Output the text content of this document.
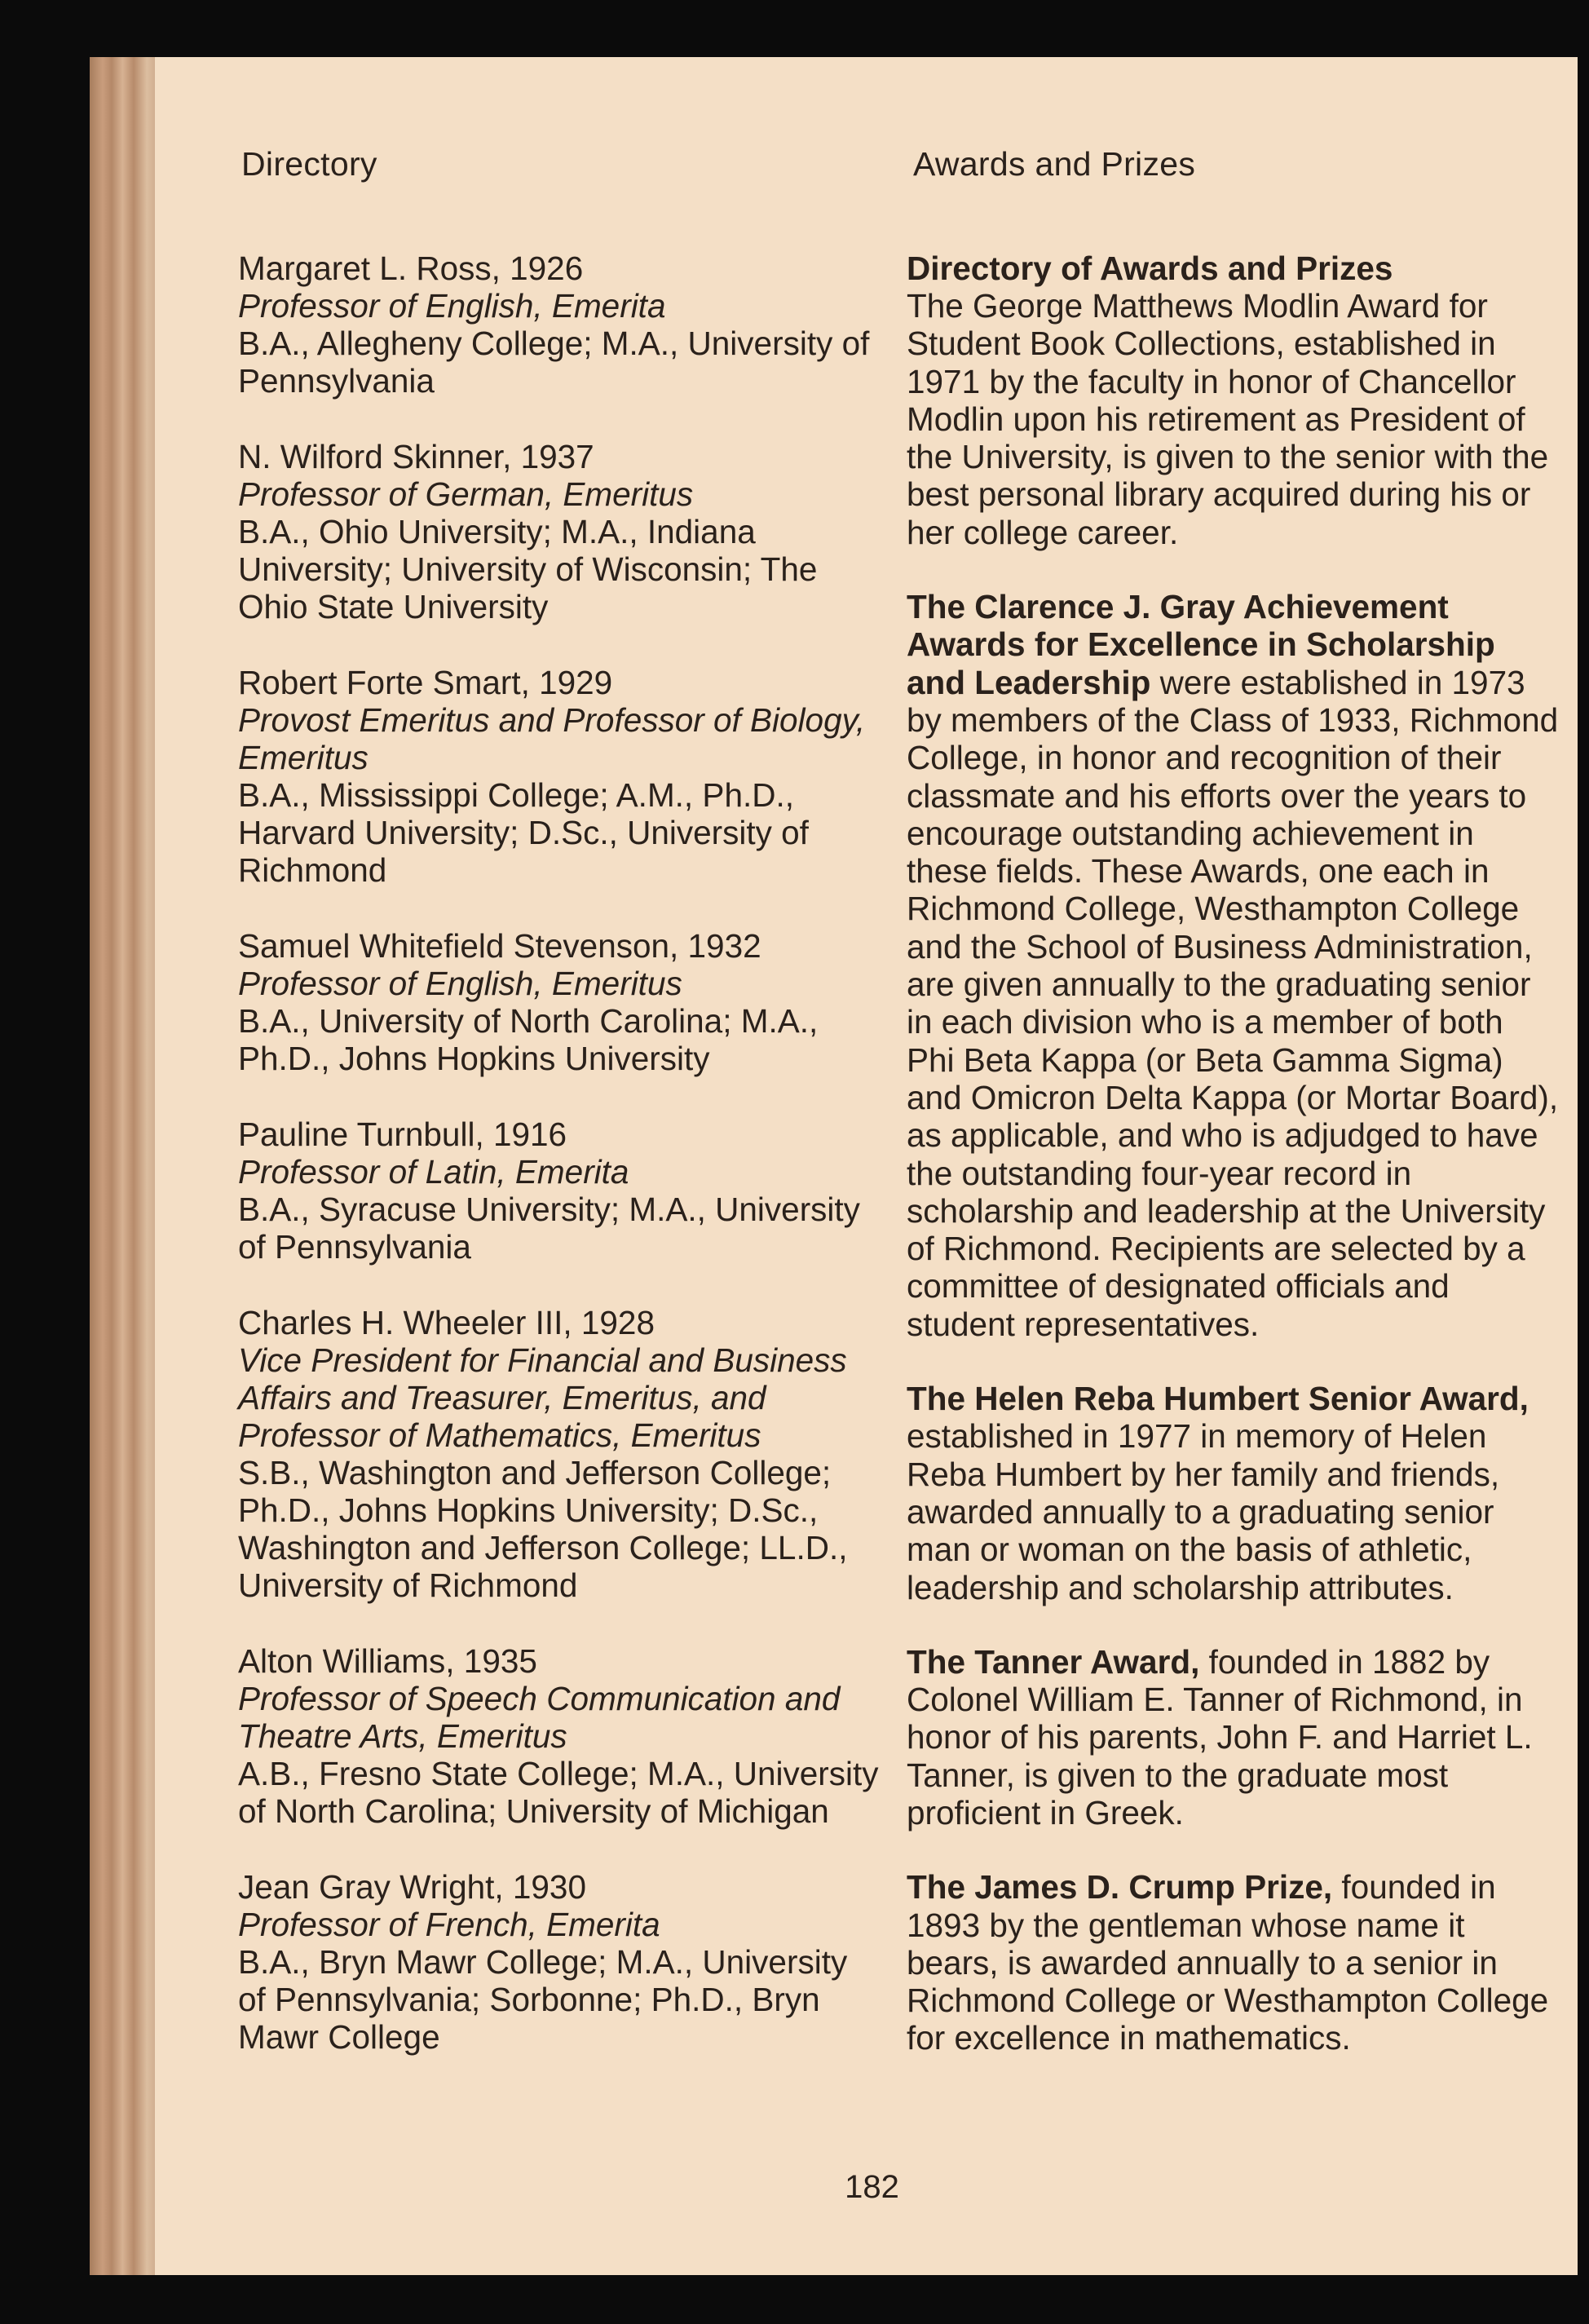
Directory	Awards and Prizes
Margaret L. Ross, 1926
Professor of English, Emerita
B.A., Allegheny College; M.A., University of Pennsylvania
N. Wilford Skinner, 1937
Professor of German, Emeritus
B.A., Ohio University; M.A., Indiana University; University of Wisconsin; The Ohio State University
Robert Forte Smart, 1929
Provost Emeritus and Professor of Biology, Emeritus
B.A., Mississippi College; A.M., Ph.D., Harvard University; D.Sc., University of Richmond
Samuel Whitefield Stevenson, 1932
Professor of English, Emeritus
B.A., University of North Carolina; M.A., Ph.D., Johns Hopkins University
Pauline Turnbull, 1916
Professor of Latin, Emerita
B.A., Syracuse University; M.A., University of Pennsylvania
Charles H. Wheeler III, 1928
Vice President for Financial and Business Affairs and Treasurer, Emeritus, and Professor of Mathematics, Emeritus
S.B., Washington and Jefferson College; Ph.D., Johns Hopkins University; D.Sc., Washington and Jefferson College; LL.D., University of Richmond
Alton Williams, 1935
Professor of Speech Communication and Theatre Arts, Emeritus
A.B., Fresno State College; M.A., University of North Carolina; University of Michigan
Jean Gray Wright, 1930
Professor of French, Emerita
B.A., Bryn Mawr College; M.A., University of Pennsylvania; Sorbonne; Ph.D., Bryn Mawr College
Directory of Awards and Prizes
The George Matthews Modlin Award for Student Book Collections, established in 1971 by the faculty in honor of Chancellor Modlin upon his retirement as President of the University, is given to the senior with the best personal library acquired during his or her college career.
The Clarence J. Gray Achievement Awards for Excellence in Scholarship and Leadership were established in 1973 by members of the Class of 1933, Richmond College, in honor and recognition of their classmate and his efforts over the years to encourage outstanding achievement in these fields. These Awards, one each in Richmond College, Westhampton College and the School of Business Administration, are given annually to the graduating senior in each division who is a member of both Phi Beta Kappa (or Beta Gamma Sigma) and Omicron Delta Kappa (or Mortar Board), as applicable, and who is adjudged to have the outstanding four-year record in scholarship and leadership at the University of Richmond. Recipients are selected by a committee of designated officials and student representatives.
The Helen Reba Humbert Senior Award, established in 1977 in memory of Helen Reba Humbert by her family and friends, awarded annually to a graduating senior man or woman on the basis of athletic, leadership and scholarship attributes.
The Tanner Award, founded in 1882 by Colonel William E. Tanner of Richmond, in honor of his parents, John F. and Harriet L. Tanner, is given to the graduate most proficient in Greek.
The James D. Crump Prize, founded in 1893 by the gentleman whose name it bears, is awarded annually to a senior in Richmond College or Westhampton College for excellence in mathematics.
182
